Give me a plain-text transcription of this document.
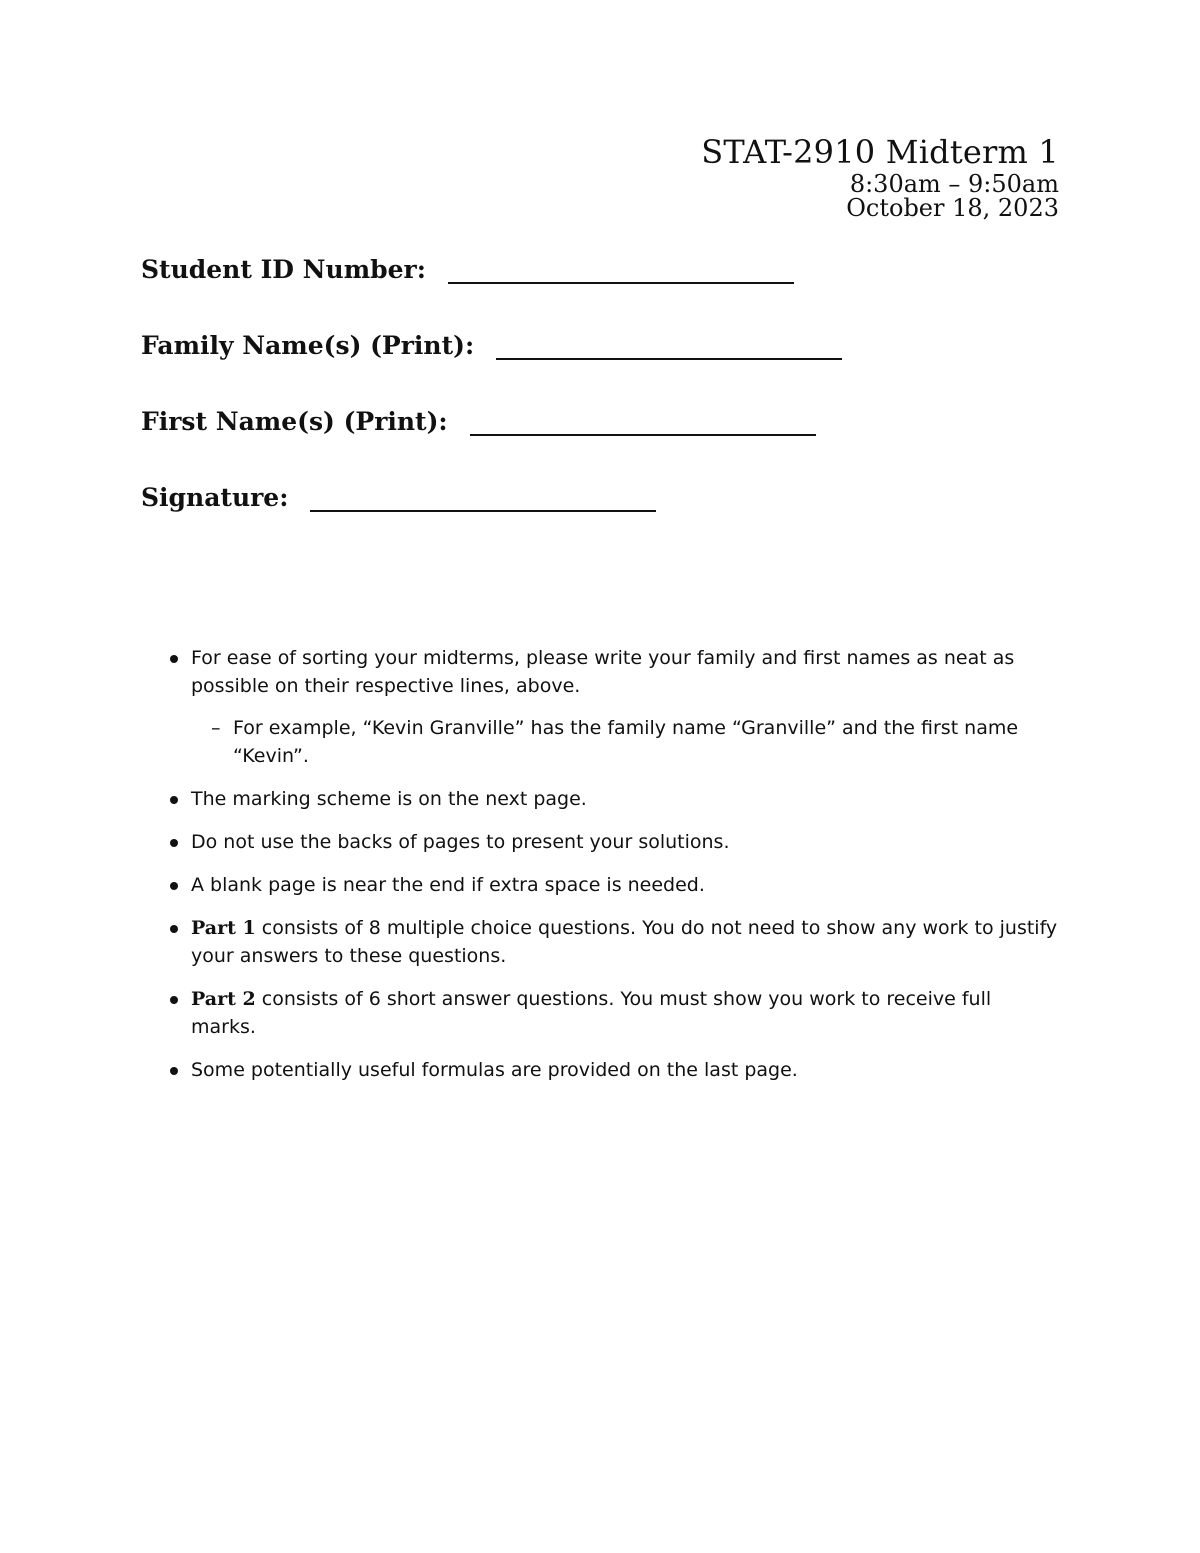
STAT-2910 Midterm 1
8:30am – 9:50am
October 18, 2023
Student ID Number:
Family Name(s) (Print):
First Name(s) (Print):
Signature:
For ease of sorting your midterms, please write your family and first names as neat as possible on their respective lines, above.
– For example, “Kevin Granville” has the family name “Granville” and the first name “Kevin”.
The marking scheme is on the next page.
Do not use the backs of pages to present your solutions.
A blank page is near the end if extra space is needed.
Part 1 consists of 8 multiple choice questions. You do not need to show any work to justify your answers to these questions.
Part 2 consists of 6 short answer questions. You must show you work to receive full marks.
Some potentially useful formulas are provided on the last page.
